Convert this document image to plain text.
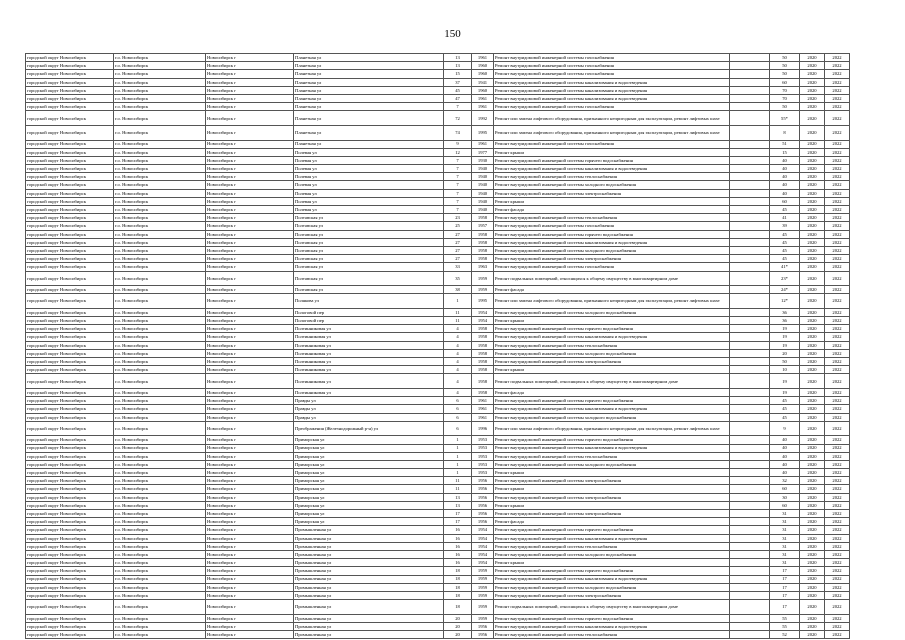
150
городской округ Новосибирск	г.о. Новосибирск	Новосибирск г	Планетная ул	13	1961	Ремонт внутридомовой инженерной системы газоснабжения		50	2020	2022
городской округ Новосибирск	г.о. Новосибирск	Новосибирск г	Планетная ул	13	1960	Ремонт внутридомовой инженерной системы газоснабжения		50	2020	2022
городской округ Новосибирск	г.о. Новосибирск	Новосибирск г	Планетная ул	15	1960	Ремонт внутридомовой инженерной системы газоснабжения		50	2020	2022
городской округ Новосибирск	г.о. Новосибирск	Новосибирск г	Планетная ул	37	1941	Ремонт внутридомовой инженерной системы канализования и водоотведения		60	2020	2022
городской округ Новосибирск	г.о. Новосибирск	Новосибирск г	Планетная ул	45	1960	Ремонт внутридомовой инженерной системы канализования и водоотведения		70	2020	2022
городской округ Новосибирск	г.о. Новосибирск	Новосибирск г	Планетная ул	47	1961	Ремонт внутридомовой инженерной системы канализования и водоотведения		70	2020	2022
городской округ Новосибирск	г.о. Новосибирск	Новосибирск г	Планетная ул	7	1961	Ремонт внутридомовой инженерной системы газоснабжения		50	2020	2022
городской округ Новосибирск	г.о. Новосибирск	Новосибирск г	Планетная ул	72	1992	Ремонт или замена лифтового оборудования, признанного непригодным для эксплуатации, ремонт лифтовых шахт		55*	2020	2022
городской округ Новосибирск	г.о. Новосибирск	Новосибирск г	Планетная ул	74	1995	Ремонт или замена лифтового оборудования, признанного непригодным для эксплуатации, ремонт лифтовых шахт		8	2020	2022
городской округ Новосибирск	г.о. Новосибирск	Новосибирск г	Планетная ул	9	1961	Ремонт внутридомовой инженерной системы газоснабжения		51	2020	2022
городской округ Новосибирск	г.о. Новосибирск	Новосибирск г	Полевая ул	12	1977	Ремонт крыши		15	2020	2022
городской округ Новосибирск	г.о. Новосибирск	Новосибирск г	Полевая ул	7	1930	Ремонт внутридомовой инженерной системы горячего водоснабжения		40	2020	2022
городской округ Новосибирск	г.о. Новосибирск	Новосибирск г	Полевая ул	7	1940	Ремонт внутридомовой инженерной системы канализования и водоотведения		40	2020	2022
городской округ Новосибирск	г.о. Новосибирск	Новосибирск г	Полевая ул	7	1940	Ремонт внутридомовой инженерной системы теплоснабжения		40	2020	2022
городской округ Новосибирск	г.о. Новосибирск	Новосибирск г	Полевая ул	7	1940	Ремонт внутридомовой инженерной системы холодного водоснабжения		40	2020	2022
городской округ Новосибирск	г.о. Новосибирск	Новосибирск г	Полевая ул	7	1940	Ремонт внутридомовой инженерной системы электроснабжения		40	2020	2022
городской округ Новосибирск	г.о. Новосибирск	Новосибирск г	Полевая ул	7	1940	Ремонт крыши		60	2020	2022
городской округ Новосибирск	г.о. Новосибирск	Новосибирск г	Полевая ул	7	1940	Ремонт фасада		45	2020	2022
городской округ Новосибирск	г.о. Новосибирск	Новосибирск г	Полтавская ул	23	1958	Ремонт внутридомовой инженерной системы теплоснабжения		41	2020	2022
городской округ Новосибирск	г.о. Новосибирск	Новосибирск г	Полтавская ул	25	1957	Ремонт внутридомовой инженерной системы газоснабжения		39	2020	2022
городской округ Новосибирск	г.о. Новосибирск	Новосибирск г	Полтавская ул	27	1958	Ремонт внутридомовой инженерной системы горячего водоснабжения		45	2020	2022
городской округ Новосибирск	г.о. Новосибирск	Новосибирск г	Полтавская ул	27	1958	Ремонт внутридомовой инженерной системы канализования и водоотведения		45	2020	2022
городской округ Новосибирск	г.о. Новосибирск	Новосибирск г	Полтавская ул	27	1958	Ремонт внутридомовой инженерной системы холодного водоснабжения		45	2020	2022
городской округ Новосибирск	г.о. Новосибирск	Новосибирск г	Полтавская ул	27	1958	Ремонт внутридомовой инженерной системы электроснабжения		45	2020	2022
городской округ Новосибирск	г.о. Новосибирск	Новосибирск г	Полтавская ул	33	1963	Ремонт внутридомовой инженерной системы газоснабжения		41*	2020	2022
городской округ Новосибирск	г.о. Новосибирск	Новосибирск г	Полтавская ул	35	1959	Ремонт подвальных помещений, относящихся к общему имуществу в многоквартирном доме		23*	2020	2022
городской округ Новосибирск	г.о. Новосибирск	Новосибирск г	Полтавская ул	38	1959	Ремонт фасада		24*	2020	2022
городской округ Новосибирск	г.о. Новосибирск	Новосибирск г	Полякова ул	1	1995	Ремонт или замена лифтового оборудования, признанного непригодным для эксплуатации, ремонт лифтовых шахт		12*	2020	2022
городской округ Новосибирск	г.о. Новосибирск	Новосибирск г	Пологовой пер	11	1954	Ремонт внутридомовой инженерной системы холодного водоснабжения		36	2020	2022
городской округ Новосибирск	г.о. Новосибирск	Новосибирск г	Пологовой пер	11	1954	Ремонт крыши		36	2020	2022
городской округ Новосибирск	г.о. Новосибирск	Новосибирск г	Полтинниковая ул	4	1958	Ремонт внутридомовой инженерной системы горячего водоснабжения		19	2020	2022
городской округ Новосибирск	г.о. Новосибирск	Новосибирск г	Полтинниковая ул	4	1958	Ремонт внутридомовой инженерной системы канализования и водоотведения		19	2020	2022
городской округ Новосибирск	г.о. Новосибирск	Новосибирск г	Полтинниковая ул	4	1958	Ремонт внутридомовой инженерной системы теплоснабжения		19	2020	2022
городской округ Новосибирск	г.о. Новосибирск	Новосибирск г	Полтинниковая ул	4	1958	Ремонт внутридомовой инженерной системы холодного водоснабжения		20	2020	2022
городской округ Новосибирск	г.о. Новосибирск	Новосибирск г	Полтинниковая ул	4	1958	Ремонт внутридомовой инженерной системы электроснабжения		50	2020	2022
городской округ Новосибирск	г.о. Новосибирск	Новосибирск г	Полтинниковая ул	4	1958	Ремонт крыши		10	2020	2022
городской округ Новосибирск	г.о. Новосибирск	Новосибирск г	Полтинниковая ул	4	1958	Ремонт подвальных помещений, относящихся к общему имуществу в многоквартирном доме		19	2020	2022
городской округ Новосибирск	г.о. Новосибирск	Новосибирск г	Полтинниковая ул	4	1958	Ремонт фасада		19	2020	2022
городской округ Новосибирск	г.о. Новосибирск	Новосибирск г	Правды ул	6	1961	Ремонт внутридомовой инженерной системы горячего водоснабжения		45	2020	2022
городской округ Новосибирск	г.о. Новосибирск	Новосибирск г	Правды ул	6	1961	Ремонт внутридомовой инженерной системы канализования и водоотведения		45	2020	2022
городской округ Новосибирск	г.о. Новосибирск	Новосибирск г	Правды ул	6	1961	Ремонт внутридомовой инженерной системы холодного водоснабжения		45	2020	2022
городской округ Новосибирск	г.о. Новосибирск	Новосибирск г	Преображения (Железнодорожный р-н) ул	6	1996	Ремонт или замена лифтового оборудования, признанного непригодным для эксплуатации, ремонт лифтовых шахт		9	2020	2022
городской округ Новосибирск	г.о. Новосибирск	Новосибирск г	Приморская ул	1	1953	Ремонт внутридомовой инженерной системы горячего водоснабжения		40	2020	2022
городской округ Новосибирск	г.о. Новосибирск	Новосибирск г	Приморская ул	1	1953	Ремонт внутридомовой инженерной системы канализования и водоотведения		40	2020	2022
городской округ Новосибирск	г.о. Новосибирск	Новосибирск г	Приморская ул	1	1953	Ремонт внутридомовой инженерной системы теплоснабжения		40	2020	2022
городской округ Новосибирск	г.о. Новосибирск	Новосибирск г	Приморская ул	1	1953	Ремонт внутридомовой инженерной системы холодного водоснабжения		40	2020	2022
городской округ Новосибирск	г.о. Новосибирск	Новосибирск г	Приморская ул	1	1953	Ремонт крыши		40	2020	2022
городской округ Новосибирск	г.о. Новосибирск	Новосибирск г	Приморская ул	11	1956	Ремонт внутридомовой инженерной системы электроснабжения		32	2020	2022
городской округ Новосибирск	г.о. Новосибирск	Новосибирск г	Приморская ул	11	1956	Ремонт крыши		60	2020	2022
городской округ Новосибирск	г.о. Новосибирск	Новосибирск г	Приморская ул	13	1956	Ремонт внутридомовой инженерной системы электроснабжения		30	2020	2022
городской округ Новосибирск	г.о. Новосибирск	Новосибирск г	Приморская ул	13	1956	Ремонт крыши		60	2020	2022
городской округ Новосибирск	г.о. Новосибирск	Новосибирск г	Приморская ул	17	1956	Ремонт внутридомовой инженерной системы электроснабжения		31	2020	2022
городской округ Новосибирск	г.о. Новосибирск	Новосибирск г	Приморская ул	17	1956	Ремонт фасада		31	2020	2022
городской округ Новосибирск	г.о. Новосибирск	Новосибирск г	Промышленная ул	16	1954	Ремонт внутридомовой инженерной системы горячего водоснабжения		31	2020	2022
городской округ Новосибирск	г.о. Новосибирск	Новосибирск г	Промышленная ул	16	1954	Ремонт внутридомовой инженерной системы канализования и водоотведения		31	2020	2022
городской округ Новосибирск	г.о. Новосибирск	Новосибирск г	Промышленная ул	16	1954	Ремонт внутридомовой инженерной системы теплоснабжения		31	2020	2022
городской округ Новосибирск	г.о. Новосибирск	Новосибирск г	Промышленная ул	16	1954	Ремонт внутридомовой инженерной системы холодного водоснабжения		31	2020	2022
городской округ Новосибирск	г.о. Новосибирск	Новосибирск г	Промышленная ул	16	1954	Ремонт крыши		31	2020	2022
городской округ Новосибирск	г.о. Новосибирск	Новосибирск г	Промышленная ул	18	1959	Ремонт внутридомовой инженерной системы горячего водоснабжения		17	2020	2022
городской округ Новосибирск	г.о. Новосибирск	Новосибирск г	Промышленная ул	18	1959	Ремонт внутридомовой инженерной системы канализования и водоотведения		17	2020	2022
городской округ Новосибирск	г.о. Новосибирск	Новосибирск г	Промышленная ул	18	1959	Ремонт внутридомовой инженерной системы холодного водоснабжения		17	2020	2022
городской округ Новосибирск	г.о. Новосибирск	Новосибирск г	Промышленная ул	18	1959	Ремонт внутридомовой инженерной системы электроснабжения		17	2020	2022
городской округ Новосибирск	г.о. Новосибирск	Новосибирск г	Промышленная ул	18	1959	Ремонт подвальных помещений, относящихся к общему имуществу в многоквартирном доме		17	2020	2022
городской округ Новосибирск	г.о. Новосибирск	Новосибирск г	Промышленная ул	20	1959	Ремонт внутридомовой инженерной системы горячего водоснабжения		55	2020	2022
городской округ Новосибирск	г.о. Новосибирск	Новосибирск г	Промышленная ул	20	1956	Ремонт внутридомовой инженерной системы канализования и водоотведения		55	2020	2022
городской округ Новосибирск	г.о. Новосибирск	Новосибирск г	Промышленная ул	20	1956	Ремонт внутридомовой инженерной системы теплоснабжения		52	2020	2022
